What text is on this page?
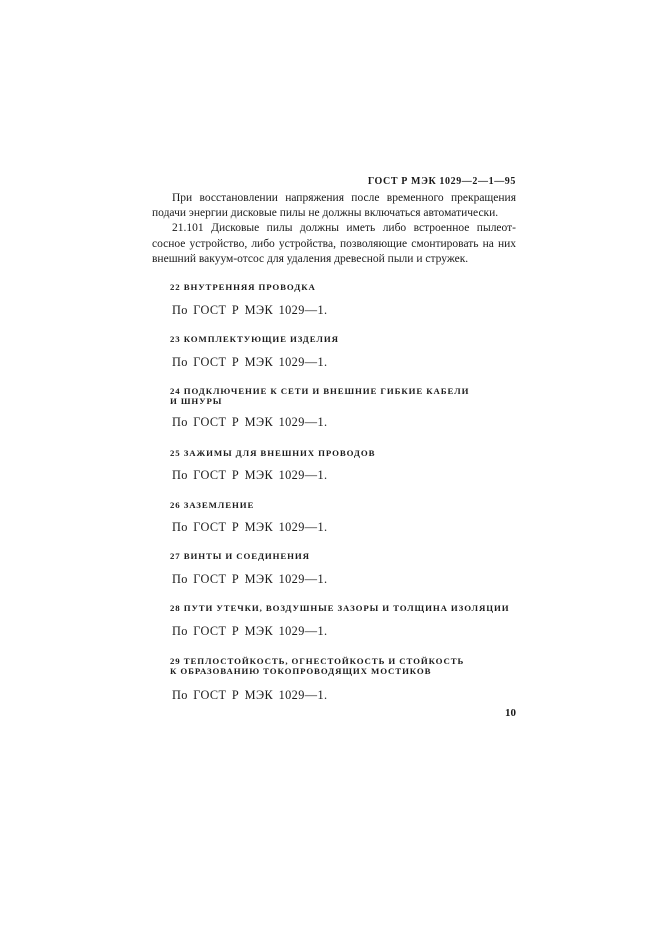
ГОСТ Р МЭК 1029—2—1—95

При восстановлении напряжения после временного прекращения подачи энергии дисковые пилы не должны включаться автоматически.

21.101 Дисковые пилы должны иметь либо встроенное пылеот-сосное устройство, либо устройства, позволяющие смонтировать на них внешний вакуум-отсос для удаления древесной пыли и стружек.

22 ВНУТРЕННЯЯ ПРОВОДКА
По ГОСТ Р МЭК 1029—1.
23 КОМПЛЕКТУЮЩИЕ ИЗДЕЛИЯ
По ГОСТ Р МЭК 1029—1.
24 ПОДКЛЮЧЕНИЕ К СЕТИ И ВНЕШНИЕ ГИБКИЕ КАБЕЛИ
И ШНУРЫ
По ГОСТ Р МЭК 1029—1.
25 ЗАЖИМЫ ДЛЯ ВНЕШНИХ ПРОВОДОВ
По ГОСТ Р МЭК 1029—1.
26 ЗАЗЕМЛЕНИЕ
По ГОСТ Р МЭК 1029—1.
27 ВИНТЫ И СОЕДИНЕНИЯ
По ГОСТ Р МЭК 1029—1.
28 ПУТИ УТЕЧКИ, ВОЗДУШНЫЕ ЗАЗОРЫ И ТОЛЩИНА ИЗОЛЯЦИИ
По ГОСТ Р МЭК 1029—1.
29 ТЕПЛОСТОЙКОСТЬ, ОГНЕСТОЙКОСТЬ И СТОЙКОСТЬ
К ОБРАЗОВАНИЮ ТОКОПРОВОДЯЩИХ МОСТИКОВ
По ГОСТ Р МЭК 1029—1.
10
